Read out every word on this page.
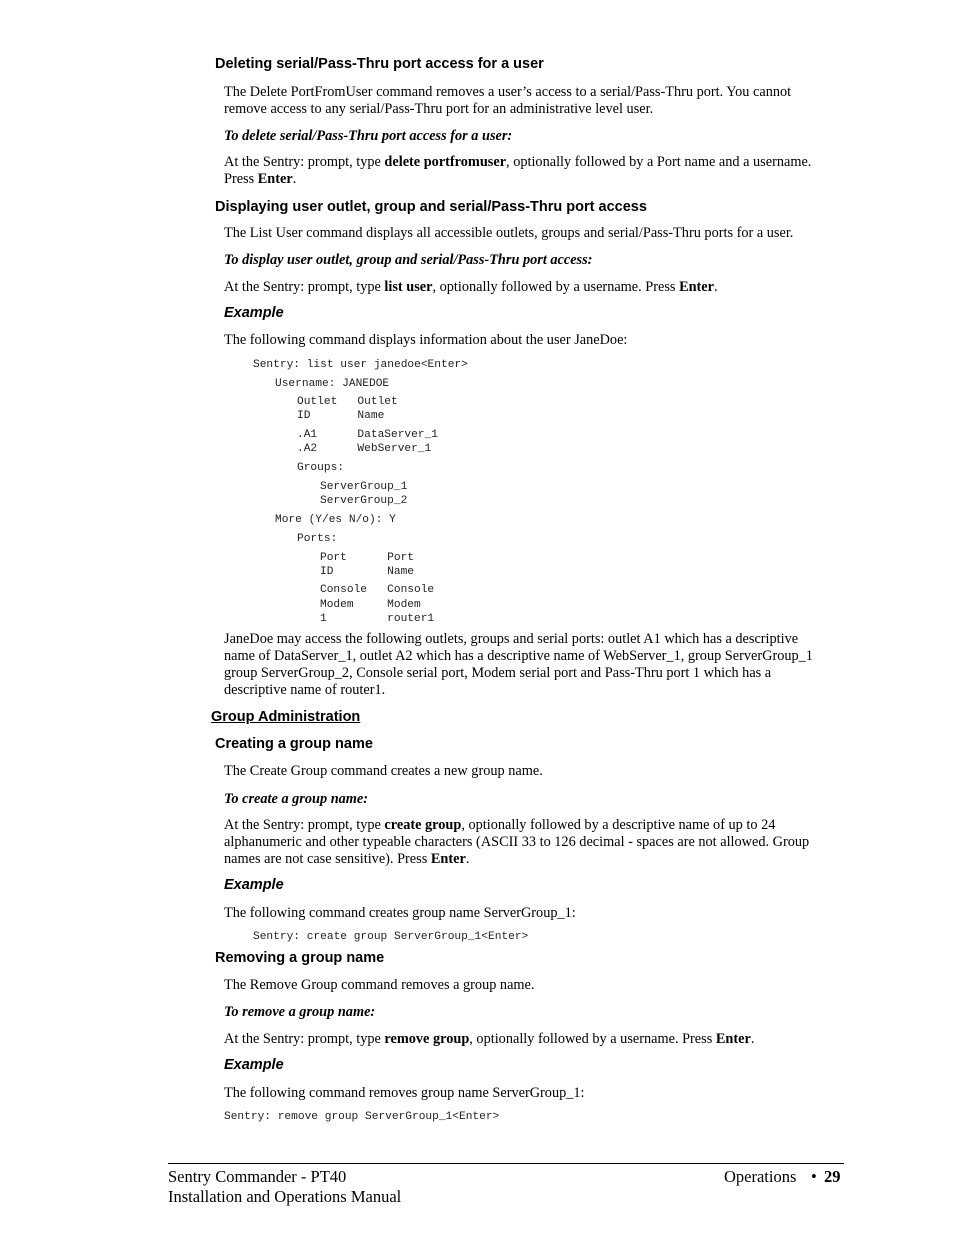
Deleting serial/Pass-Thru port access for a user
The Delete PortFromUser command removes a user’s access to a serial/Pass-Thru port. You cannot
remove access to any serial/Pass-Thru port for an administrative level user.
To delete serial/Pass-Thru port access for a user:
At the Sentry: prompt, type delete portfromuser, optionally followed by a Port name and a username.
Press Enter.
Displaying user outlet, group and serial/Pass-Thru port access
The List User command displays all accessible outlets, groups and serial/Pass-Thru ports for a user.
To display user outlet, group and serial/Pass-Thru port access:
At the Sentry: prompt, type list user, optionally followed by a username. Press Enter.
Example
The following command displays information about the user JaneDoe:
Sentry: list user janedoe<Enter>
Username: JANEDOE
Outlet   Outlet
ID       Name
.A1      DataServer_1
.A2      WebServer_1
Groups:
ServerGroup_1
ServerGroup_2
More (Y/es N/o): Y
Ports:
Port      Port
ID        Name
Console   Console
Modem     Modem
1         router1
JaneDoe may access the following outlets, groups and serial ports: outlet A1 which has a descriptive
name of DataServer_1, outlet A2 which has a descriptive name of WebServer_1, group ServerGroup_1
group ServerGroup_2, Console serial port, Modem serial port and Pass-Thru port 1 which has a
descriptive name of router1.
Group Administration
Creating a group name
The Create Group command creates a new group name.
To create a group name:
At the Sentry: prompt, type create group, optionally followed by a descriptive name of up to 24
alphanumeric and other typeable characters (ASCII 33 to 126 decimal - spaces are not allowed. Group
names are not case sensitive). Press Enter.
Example
The following command creates group name ServerGroup_1:
Sentry: create group ServerGroup_1<Enter>
Removing a group name
The Remove Group command removes a group name.
To remove a group name:
At the Sentry: prompt, type remove group, optionally followed by a username. Press Enter.
Example
The following command removes group name ServerGroup_1:
Sentry: remove group ServerGroup_1<Enter>
Sentry Commander - PT40
Installation and Operations Manual
Operations • 29
